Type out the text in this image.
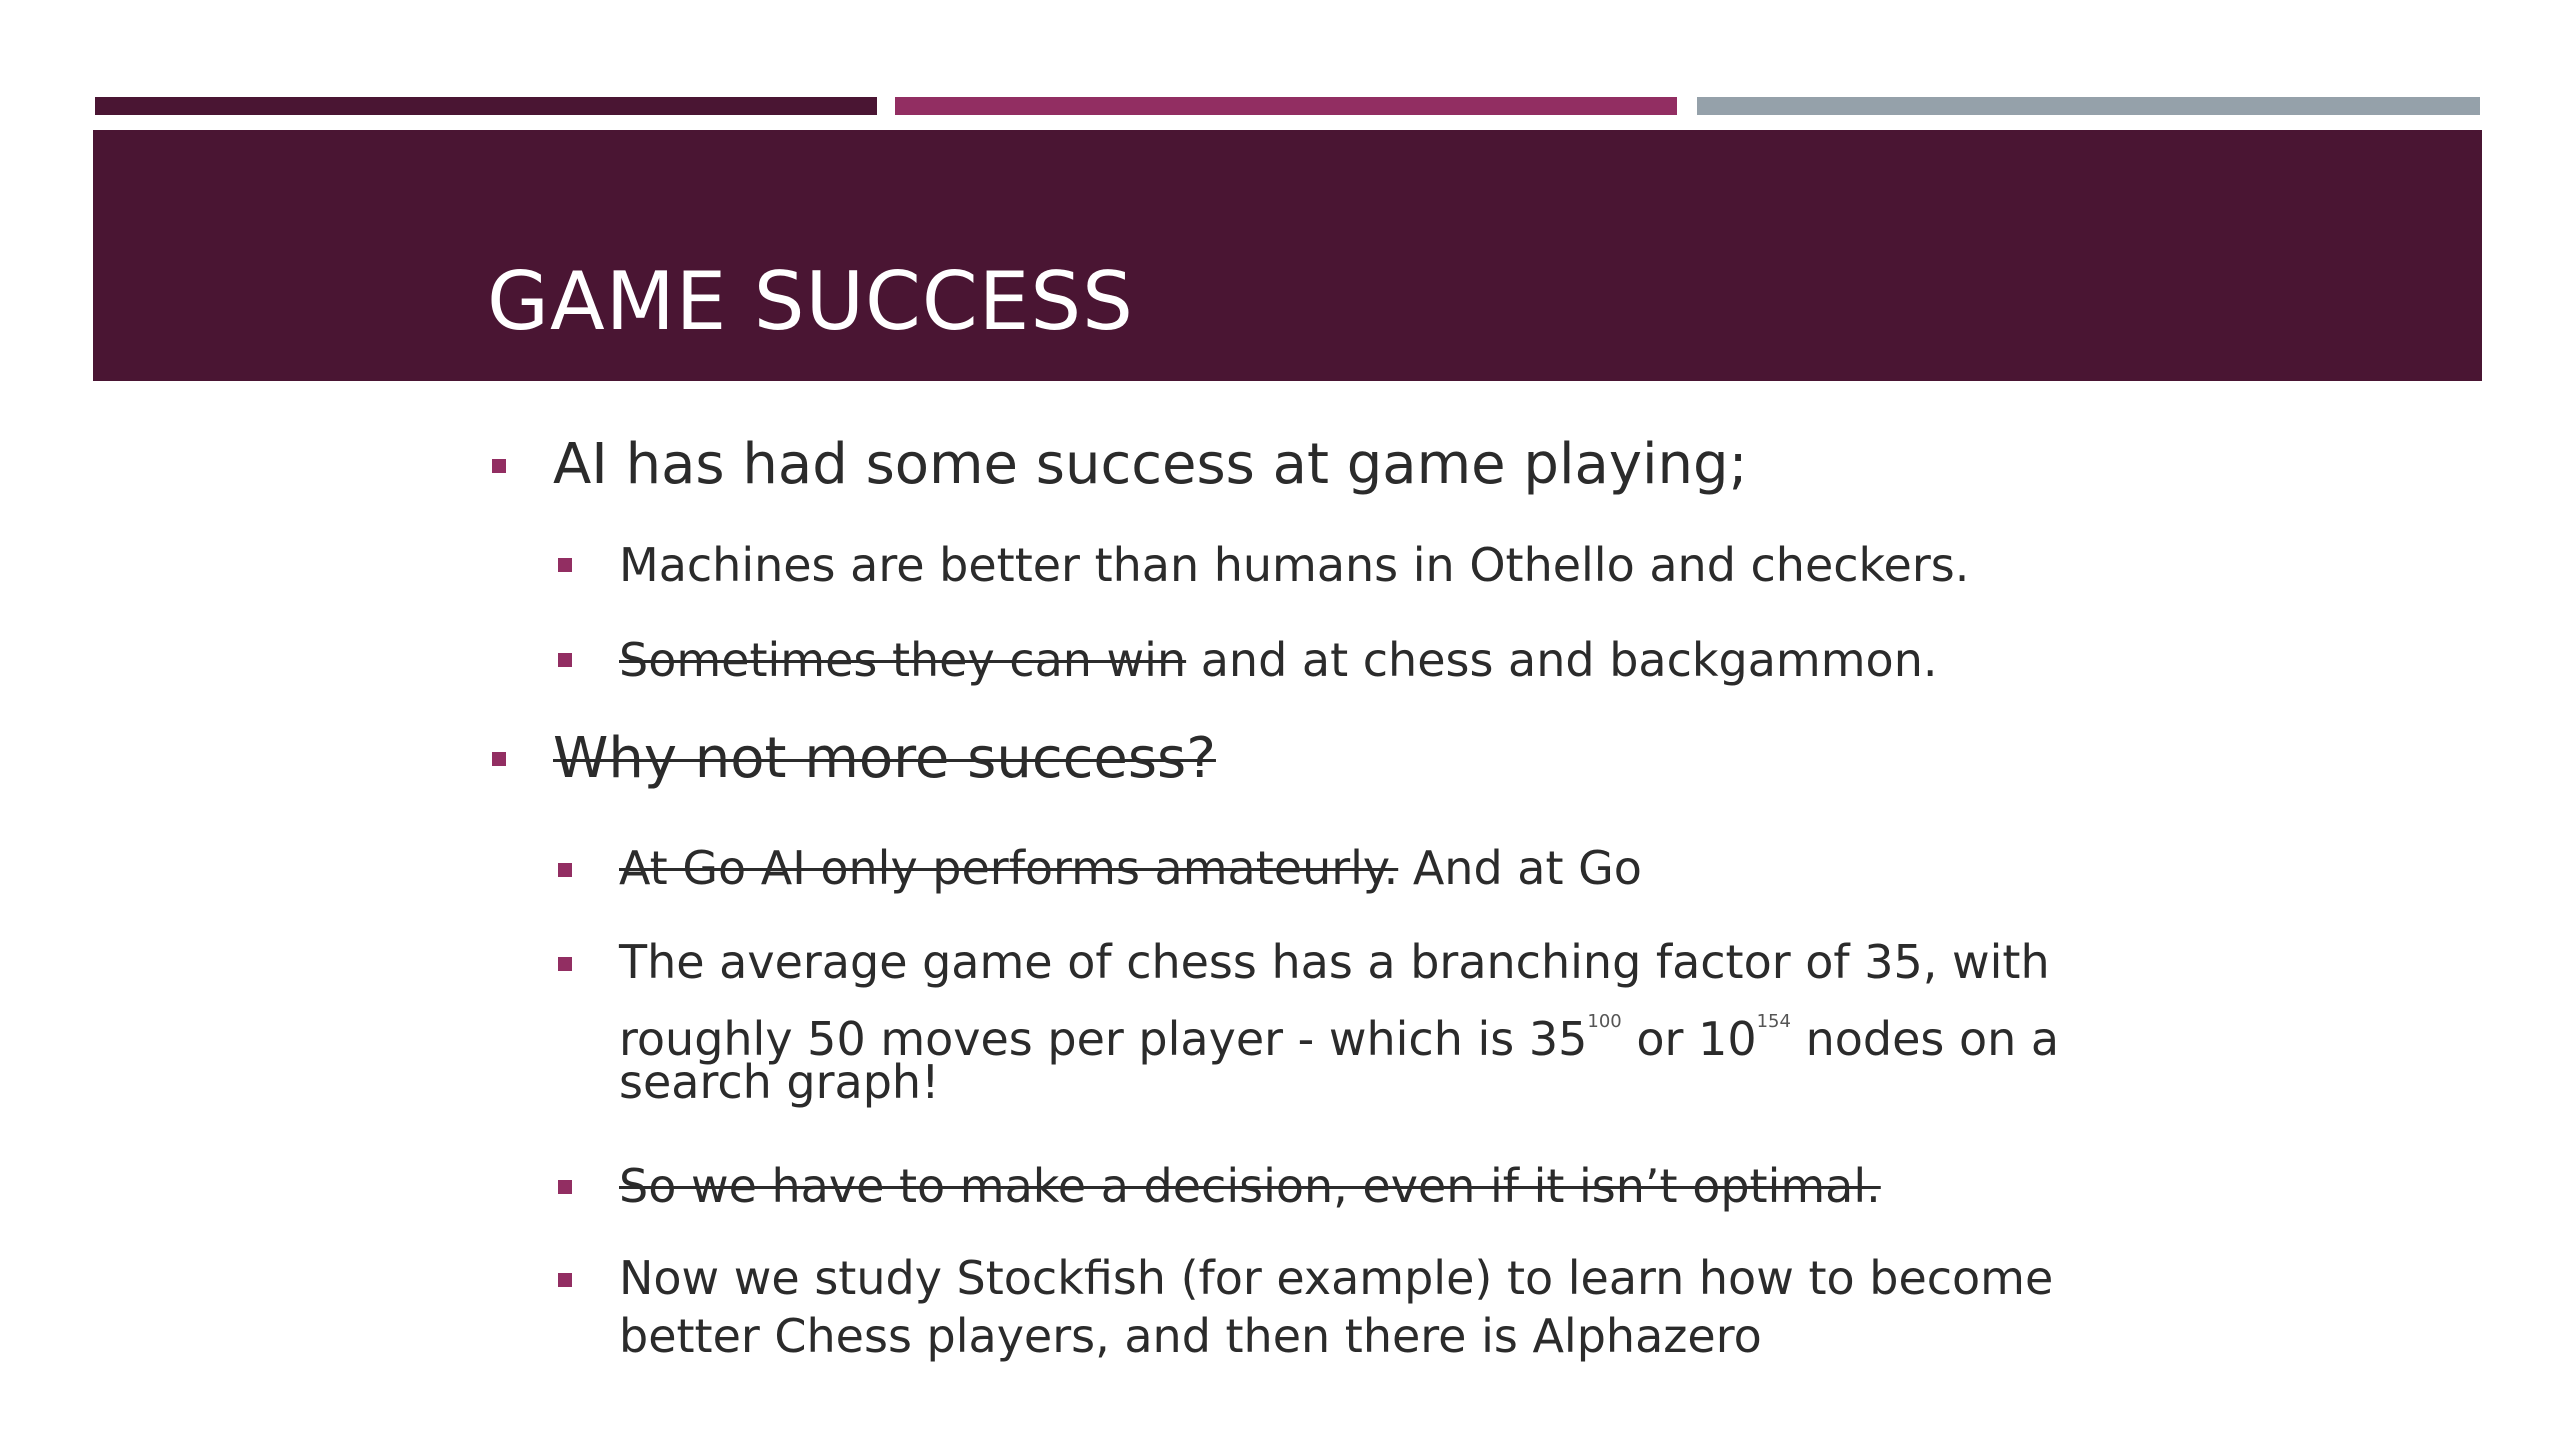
GAME SUCCESS
AI has had some success at game playing;
Machines are better than humans in Othello and checkers.
Sometimes they can win and at chess and backgammon.
Why not more success?
At Go AI only performs amateurly. And at Go
The average game of chess has a branching factor of 35, with
roughly 50 moves per player - which is $35^{100}$ or $10^{154}$ nodes on a
search graph!
So we have to make a decision, even if it isn’t optimal.
Now we study Stockfish (for example) to learn how to become
better Chess players, and then there is Alphazero
